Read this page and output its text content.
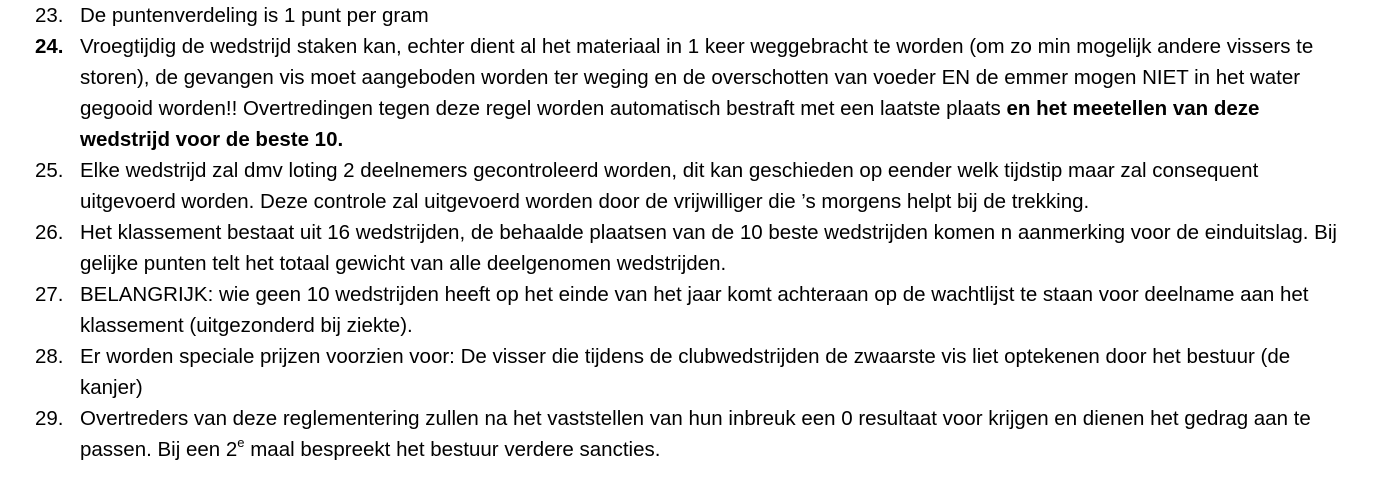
23. De puntenverdeling is 1 punt per gram
24. Vroegtijdig de wedstrijd staken kan, echter dient al het materiaal in 1 keer weggebracht te worden (om zo min mogelijk andere vissers te storen), de gevangen vis moet aangeboden worden ter weging en de overschotten van voeder EN de emmer mogen NIET in het water gegooid worden!! Overtredingen tegen deze regel worden automatisch bestraft met een laatste plaats en het meetellen van deze wedstrijd voor de beste 10.
25. Elke wedstrijd zal dmv loting 2 deelnemers gecontroleerd worden, dit kan geschieden op eender welk tijdstip maar zal consequent uitgevoerd worden. Deze controle zal uitgevoerd worden door de vrijwilliger die ’s morgens helpt bij de trekking.
26. Het klassement bestaat uit 16 wedstrijden, de behaalde plaatsen van de 10 beste wedstrijden komen n aanmerking voor de einduitslag. Bij gelijke punten telt het totaal gewicht van alle deelgenomen wedstrijden.
27. BELANGRIJK: wie geen 10 wedstrijden heeft op het einde van het jaar komt achteraan op de wachtlijst te staan voor deelname aan het klassement (uitgezonderd bij ziekte).
28. Er worden speciale prijzen voorzien voor: De visser die tijdens de clubwedstrijden de zwaarste vis liet optekenen door het bestuur (de kanjer)
29. Overtreders van deze reglementering zullen na het vaststellen van hun inbreuk een 0 resultaat voor krijgen en dienen het gedrag aan te passen. Bij een 2e maal bespreekt het bestuur verdere sancties.
